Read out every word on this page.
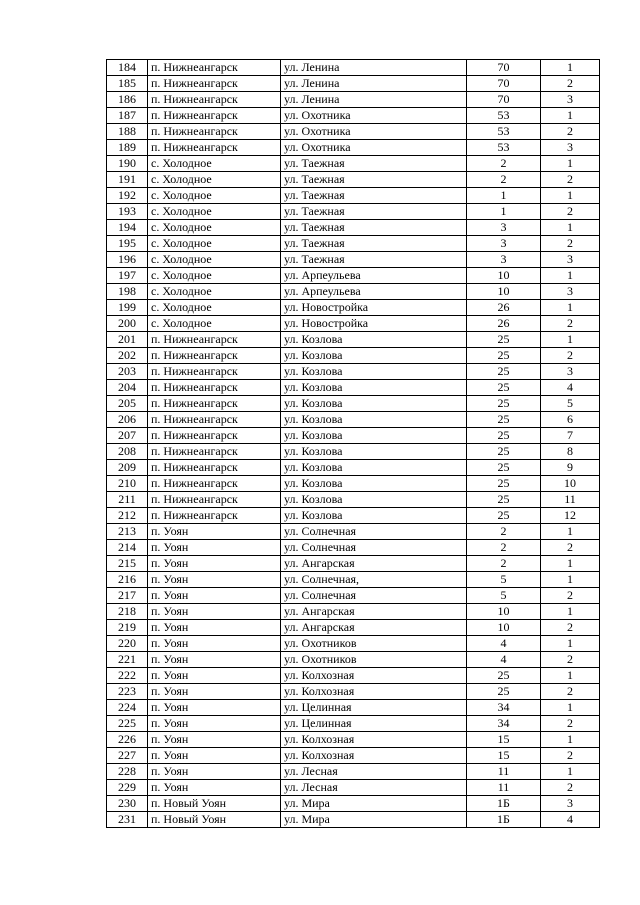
184	п. Нижнеангарск	ул. Ленина	70	1
185	п. Нижнеангарск	ул. Ленина	70	2
186	п. Нижнеангарск	ул. Ленина	70	3
187	п. Нижнеангарск	ул. Охотника	53	1
188	п. Нижнеангарск	ул. Охотника	53	2
189	п. Нижнеангарск	ул. Охотника	53	3
190	с. Холодное	ул. Таежная	2	1
191	с. Холодное	ул. Таежная	2	2
192	с. Холодное	ул. Таежная	1	1
193	с. Холодное	ул. Таежная	1	2
194	с. Холодное	ул. Таежная	3	1
195	с. Холодное	ул. Таежная	3	2
196	с. Холодное	ул. Таежная	3	3
197	с. Холодное	ул. Арпеульева	10	1
198	с. Холодное	ул. Арпеульева	10	3
199	с. Холодное	ул. Новостройка	26	1
200	с. Холодное	ул. Новостройка	26	2
201	п. Нижнеангарск	ул. Козлова	25	1
202	п. Нижнеангарск	ул. Козлова	25	2
203	п. Нижнеангарск	ул. Козлова	25	3
204	п. Нижнеангарск	ул. Козлова	25	4
205	п. Нижнеангарск	ул. Козлова	25	5
206	п. Нижнеангарск	ул. Козлова	25	6
207	п. Нижнеангарск	ул. Козлова	25	7
208	п. Нижнеангарск	ул. Козлова	25	8
209	п. Нижнеангарск	ул. Козлова	25	9
210	п. Нижнеангарск	ул. Козлова	25	10
211	п. Нижнеангарск	ул. Козлова	25	11
212	п. Нижнеангарск	ул. Козлова	25	12
213	п. Уоян	ул. Солнечная	2	1
214	п. Уоян	ул. Солнечная	2	2
215	п. Уоян	ул. Ангарская	2	1
216	п. Уоян	ул. Солнечная,	5	1
217	п. Уоян	ул. Солнечная	5	2
218	п. Уоян	ул. Ангарская	10	1
219	п. Уоян	ул. Ангарская	10	2
220	п. Уоян	ул. Охотников	4	1
221	п. Уоян	ул. Охотников	4	2
222	п. Уоян	ул. Колхозная	25	1
223	п. Уоян	ул. Колхозная	25	2
224	п. Уоян	ул. Целинная	34	1
225	п. Уоян	ул. Целинная	34	2
226	п. Уоян	ул. Колхозная	15	1
227	п. Уоян	ул. Колхозная	15	2
228	п. Уоян	ул. Лесная	11	1
229	п. Уоян	ул. Лесная	11	2
230	п. Новый Уоян	ул. Мира	1Б	3
231	п. Новый Уоян	ул. Мира	1Б	4
